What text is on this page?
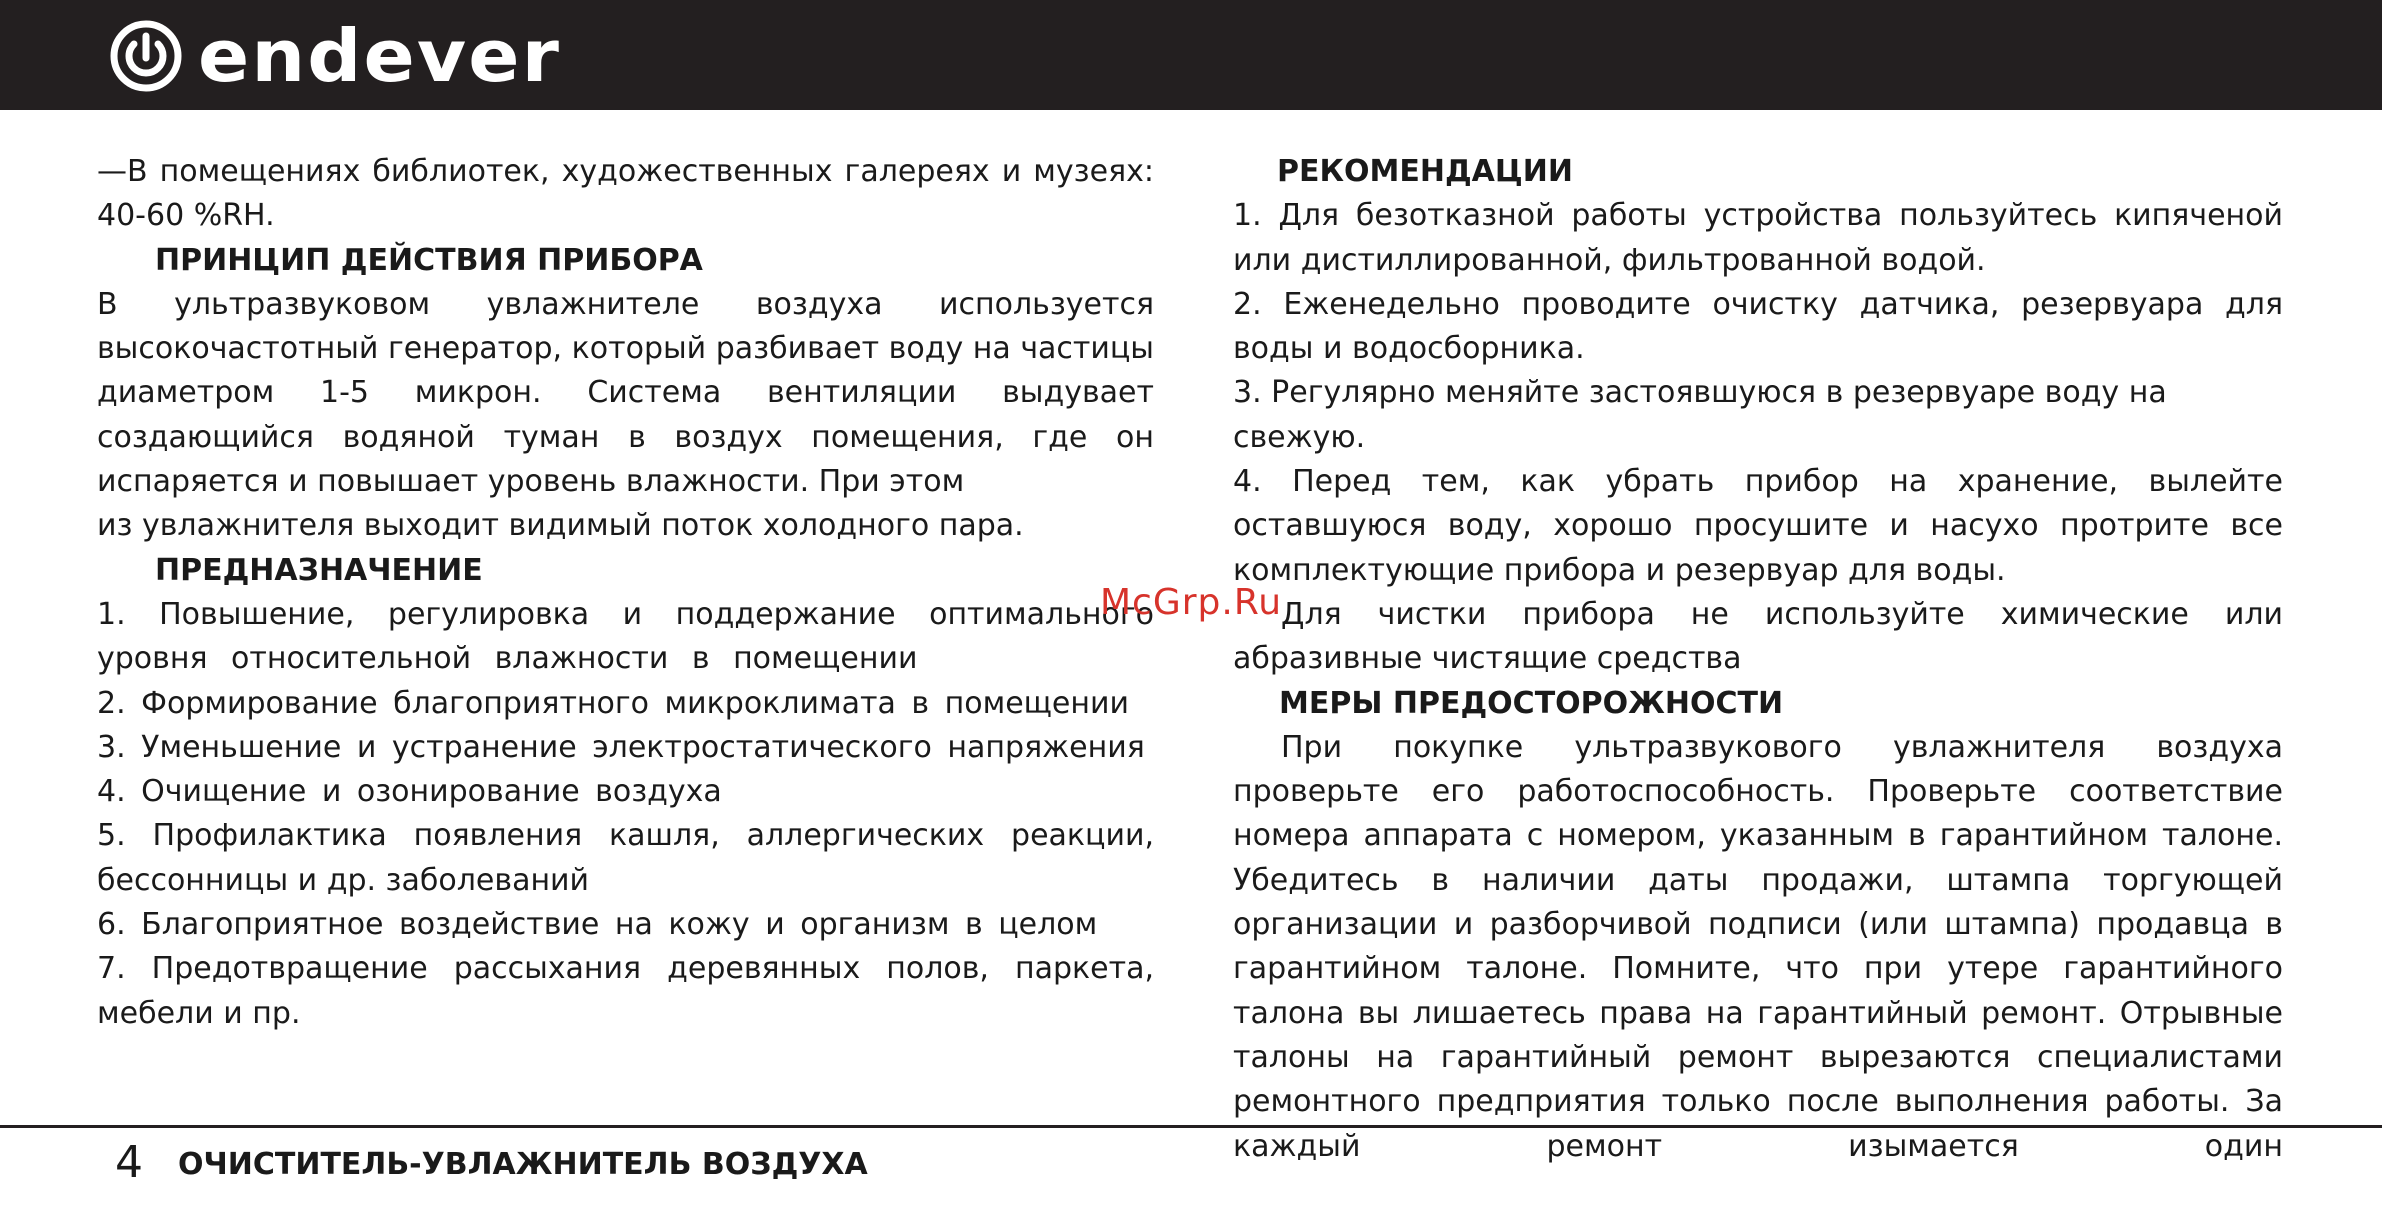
endever

—В помещениях библиотек, художественных галереях и музеях: 40-60 %RH.

ПРИНЦИП ДЕЙСТВИЯ ПРИБОРА

В ультразвуковом увлажнителе воздуха используется высокочастотный генератор, который разбивает воду на частицы диаметром 1-5 микрон. Система вентиляции выдувает создающийся водяной туман в воздух помещения, где он испаряется и повышает уровень влажности. При этом

из увлажнителя выходит видимый поток холодного пара.

ПРЕДНАЗНАЧЕНИЕ

1. Повышение, регулировка и поддержание оптимального уровня относительной влажности в помещении

2. Формирование благоприятного микроклимата в помещении

3. Уменьшение и устранение электростатического напряжения

4. Очищение и озонирование воздуха

5. Профилактика появления кашля, аллергических реакции, бессонницы и др. заболеваний

6. Благоприятное воздействие на кожу и организм в целом

7. Предотвращение рассыхания деревянных полов, паркета, мебели и пр.

РЕКОМЕНДАЦИИ

1. Для безотказной работы устройства пользуйтесь кипяченой или дистиллированной, фильтрованной водой.

2. Еженедельно проводите очистку датчика, резервуара для воды и водосборника.

3. Регулярно меняйте застоявшуюся в резервуаре воду на свежую.

4. Перед тем, как убрать прибор на хранение, вылейте оставшуюся воду, хорошо просушите и насухо протрите все комплектующие прибора и резервуар для воды.

Для чистки прибора не используйте химические или абразивные чистящие средства

МЕРЫ ПРЕДОСТОРОЖНОСТИ

При покупке ультразвукового увлажнителя воздуха проверьте его работоспособность. Проверьте соответствие номера аппарата с номером, указанным в гарантийном талоне. Убедитесь в наличии даты продажи, штампа торгующей организации и разборчивой подписи (или штампа) продавца в гарантийном талоне. Помните, что при утере гарантийного талона вы лишаетесь права на гарантийный ремонт. Отрывные талоны на гарантийный ремонт вырезаются специалистами ремонтного предприятия только после выполнения работы. За каждый ремонт изымается один

McGrp.Ru
4 ОЧИСТИТЕЛЬ-УВЛАЖНИТЕЛЬ ВОЗДУХА
